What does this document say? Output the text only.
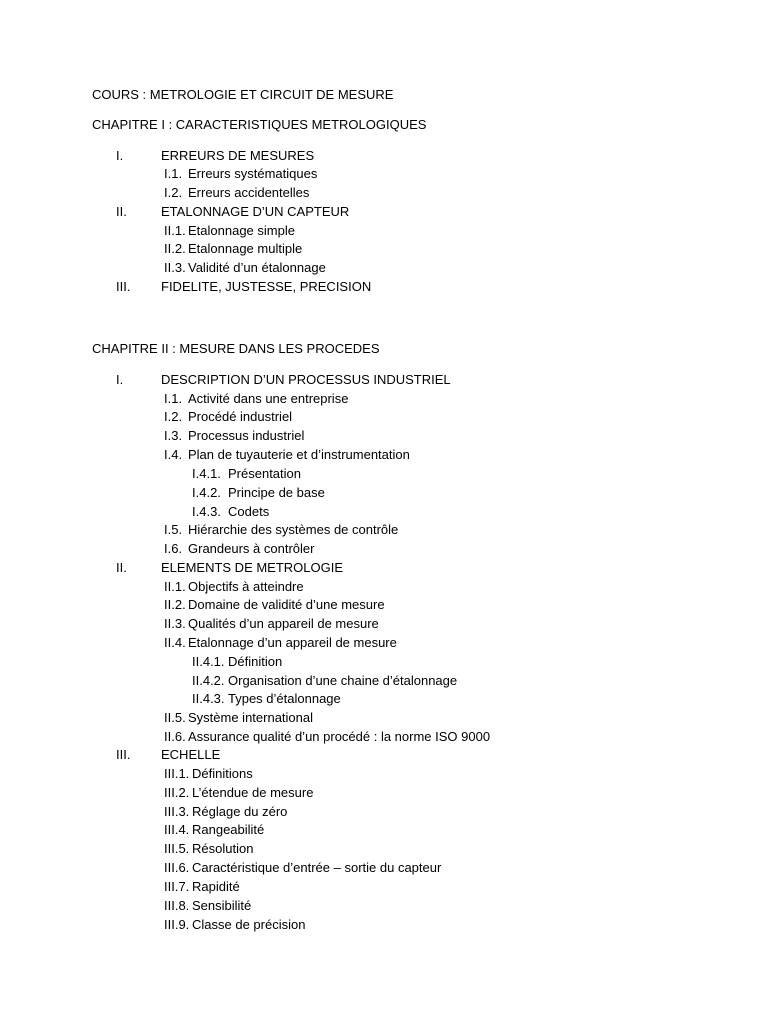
COURS : METROLOGIE ET CIRCUIT DE MESURE
CHAPITRE I : CARACTERISTIQUES METROLOGIQUES
I.	ERREURS DE MESURES
I.1. Erreurs systématiques
I.2. Erreurs accidentelles
II.	ETALONNAGE D’UN CAPTEUR
II.1. Etalonnage simple
II.2. Etalonnage multiple
II.3. Validité d’un étalonnage
III. FIDELITE, JUSTESSE, PRECISION
CHAPITRE II : MESURE DANS LES PROCEDES
I.	DESCRIPTION D’UN PROCESSUS INDUSTRIEL
I.1. Activité dans une entreprise
I.2. Procédé industriel
I.3. Processus industriel
I.4. Plan de tuyauterie et d’instrumentation
I.4.1. Présentation
I.4.2. Principe de base
I.4.3. Codets
I.5. Hiérarchie des systèmes de contrôle
I.6. Grandeurs à contrôler
II.	ELEMENTS DE METROLOGIE
II.1. Objectifs à atteindre
II.2. Domaine de validité d’une mesure
II.3. Qualités d’un appareil de mesure
II.4. Etalonnage d’un appareil de mesure
II.4.1. Définition
II.4.2. Organisation d’une chaine d’étalonnage
II.4.3. Types d’étalonnage
II.5. Système international
II.6. Assurance qualité d’un procédé : la norme ISO 9000
III. ECHELLE
III.1. Définitions
III.2. L’étendue de mesure
III.3. Réglage du zéro
III.4. Rangeabilité
III.5. Résolution
III.6. Caractéristique d’entrée – sortie du capteur
III.7. Rapidité
III.8. Sensibilité
III.9. Classe de précision
